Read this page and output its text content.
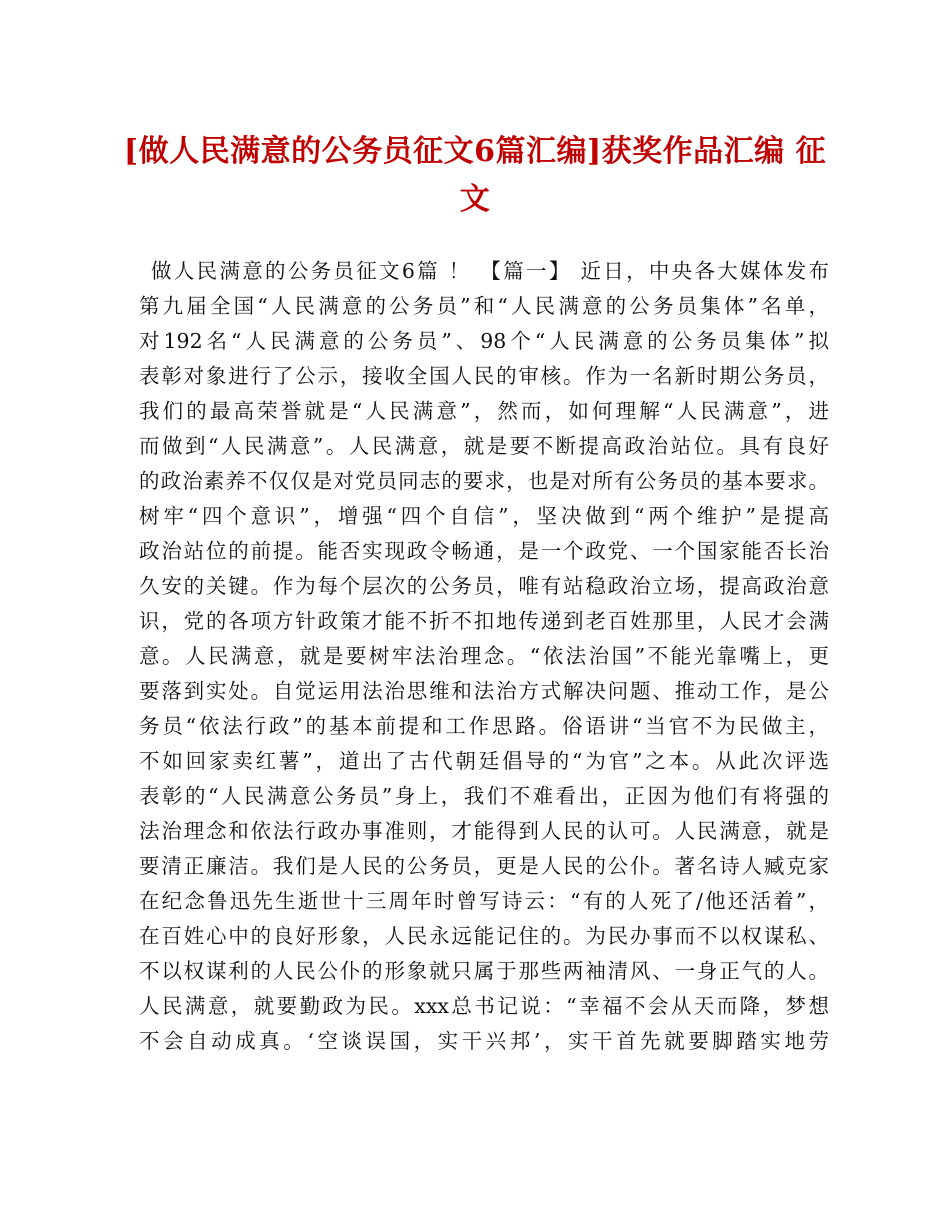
[做人民满意的公务员征文6篇汇编]获奖作品汇编 征文
做人民满意的公务员征文6篇 ！ 【篇一】 近日，中央各大媒体发布
第九届全国“人民满意的公务员”和“人民满意的公务员集体”名单，
对192名“人民满意的公务员”、98个“人民满意的公务员集体”拟
表彰对象进行了公示，接收全国人民的审核。作为一名新时期公务员，
我们的最高荣誉就是“人民满意”，然而，如何理解“人民满意”，进
而做到“人民满意”。人民满意，就是要不断提高政治站位。具有良好
的政治素养不仅仅是对党员同志的要求，也是对所有公务员的基本要求。
树牢“四个意识”，增强“四个自信”，坚决做到“两个维护”是提高
政治站位的前提。能否实现政令畅通，是一个政党、一个国家能否长治
久安的关键。作为每个层次的公务员，唯有站稳政治立场，提高政治意
识，党的各项方针政策才能不折不扣地传递到老百姓那里，人民才会满
意。人民满意，就是要树牢法治理念。“依法治国”不能光靠嘴上，更
要落到实处。自觉运用法治思维和法治方式解决问题、推动工作，是公
务员“依法行政”的基本前提和工作思路。俗语讲“当官不为民做主，
不如回家卖红薯”，道出了古代朝廷倡导的“为官”之本。从此次评选
表彰的“人民满意公务员”身上，我们不难看出，正因为他们有将强的
法治理念和依法行政办事准则，才能得到人民的认可。人民满意，就是
要清正廉洁。我们是人民的公务员，更是人民的公仆。著名诗人臧克家
在纪念鲁迅先生逝世十三周年时曾写诗云：“有的人死了/他还活着”，
在百姓心中的良好形象，人民永远能记住的。为民办事而不以权谋私、
不以权谋利的人民公仆的形象就只属于那些两袖清风、一身正气的人。
人民满意，就要勤政为民。xxx总书记说：“幸福不会从天而降，梦想
不会自动成真。‘空谈误国，实干兴邦’，实干首先就要脚踏实地劳
